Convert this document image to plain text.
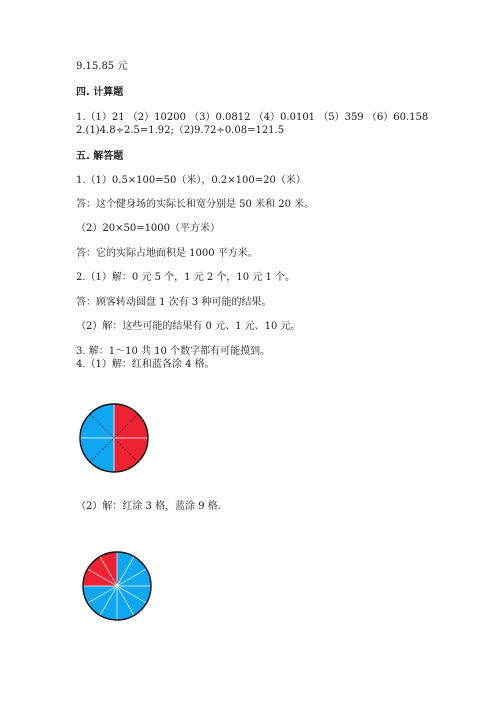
9.15.85 元
四. 计算题
1.（1）21 （2）10200 （3）0.0812 （4）0.0101 （5）359 （6）60.158
2.(1)4.8÷2.5=1.92;（2)9.72÷0.08=121.5
五. 解答题
1.（1）0.5×100=50（米），0.2×100=20（米）
答：这个健身场的实际长和宽分别是 50 米和 20 米。
（2）20×50=1000（平方米）
答：它的实际占地面积是 1000 平方米。
2.（1）解：0 元 5 个，1 元 2 个，10 元 1 个。
答：顾客转动圆盘 1 次有 3 种可能的结果。
（2）解：这些可能的结果有 0 元、1 元、10 元。
3. 解：1～10 共 10 个数字都有可能摸到。
4.（1）解：红和蓝各涂 4 格。
（2）解：红涂 3 格，蓝涂 9 格.
